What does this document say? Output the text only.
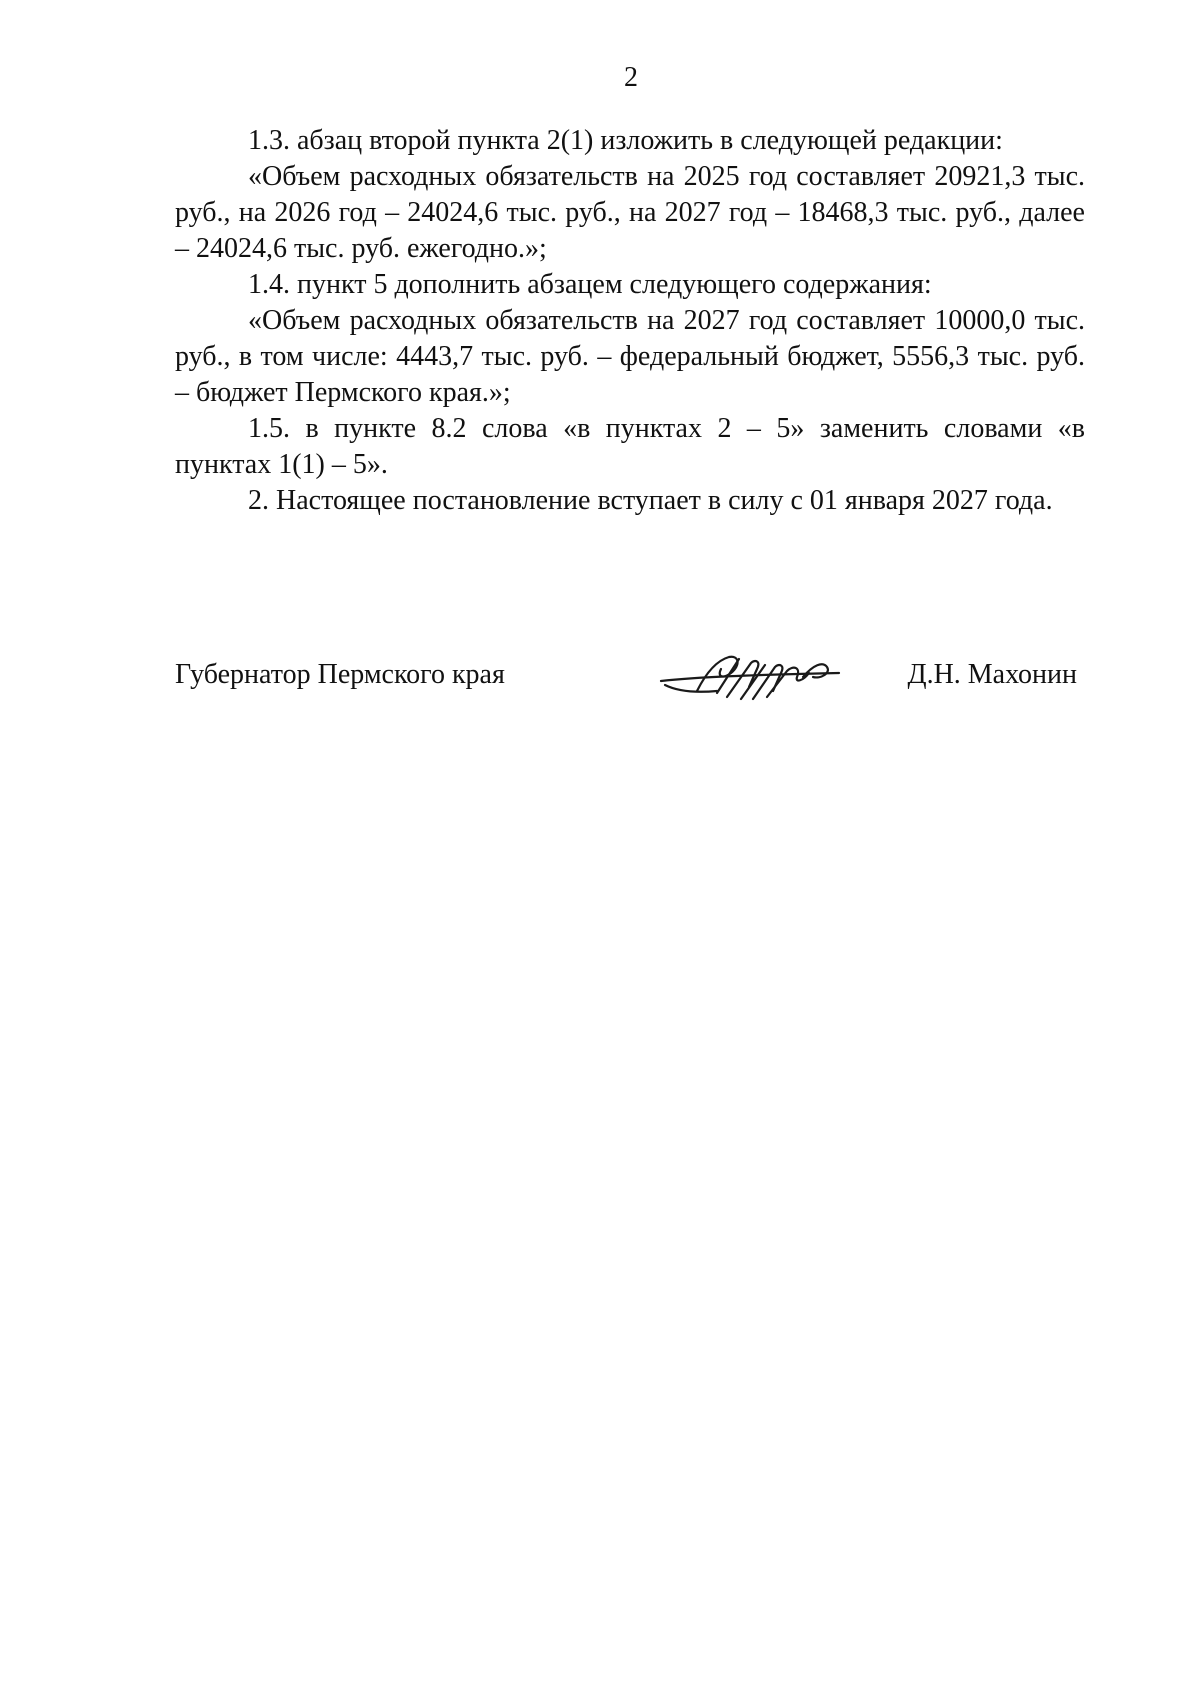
2

1.3. абзац второй пункта 2(1) изложить в следующей редакции:

«Объем расходных обязательств на 2025 год составляет 20921,3 тыс. руб., на 2026 год – 24024,6 тыс. руб., на 2027 год – 18468,3 тыс. руб., далее – 24024,6 тыс. руб. ежегодно.»;

1.4. пункт 5 дополнить абзацем следующего содержания:

«Объем расходных обязательств на 2027 год составляет 10000,0 тыс. руб., в том числе: 4443,7 тыс. руб. – федеральный бюджет, 5556,3 тыс. руб. – бюджет Пермского края.»;

1.5. в пункте 8.2 слова «в пунктах 2 – 5» заменить словами «в пунктах 1(1) – 5».

2. Настоящее постановление вступает в силу с 01 января 2027 года.

Губернатор Пермского края	Д.Н. Махонин
